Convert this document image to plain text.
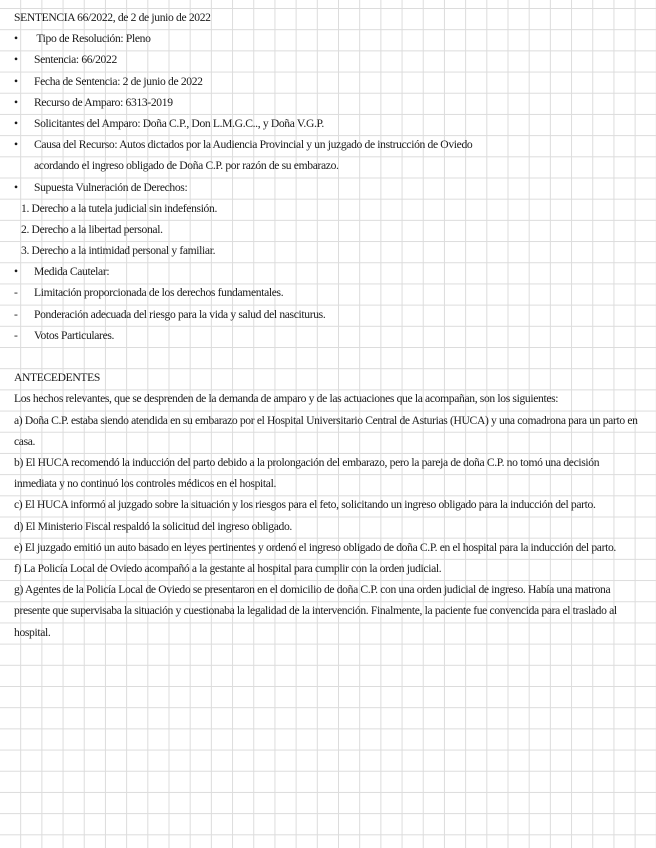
SENTENCIA 66/2022, de 2 de junio de 2022
•	Tipo de Resolución: Pleno
•	Sentencia: 66/2022
•	Fecha de Sentencia: 2 de junio de 2022
•	Recurso de Amparo: 6313-2019
•	Solicitantes del Amparo: Doña C.P., Don L.M.G.C.., y Doña V.G.P.
•	Causa del Recurso: Autos dictados por la Audiencia Provincial y un juzgado de instrucción de Oviedo
acordando el ingreso obligado de Doña C.P. por razón de su embarazo.
•	Supuesta Vulneración de Derechos:
1. Derecho a la tutela judicial sin indefensión.
2. Derecho a la libertad personal.
3. Derecho a la intimidad personal y familiar.
•	Medida Cautelar:
-	Limitación proporcionada de los derechos fundamentales.
-	Ponderación adecuada del riesgo para la vida y salud del nasciturus.
-	Votos Particulares.
ANTECEDENTES
Los hechos relevantes, que se desprenden de la demanda de amparo y de las actuaciones que la acompañan, son los siguientes:
a) Doña C.P. estaba siendo atendida en su embarazo por el Hospital Universitario Central de Asturias (HUCA) y una comadrona para un parto en casa.
b) El HUCA recomendó la inducción del parto debido a la prolongación del embarazo, pero la pareja de doña C.P. no tomó una decisión inmediata y no continuó los controles médicos en el hospital.
c) El HUCA informó al juzgado sobre la situación y los riesgos para el feto, solicitando un ingreso obligado para la inducción del parto.
d) El Ministerio Fiscal respaldó la solicitud del ingreso obligado.
e) El juzgado emitió un auto basado en leyes pertinentes y ordenó el ingreso obligado de doña C.P. en el hospital para la inducción del parto.
f) La Policía Local de Oviedo acompañó a la gestante al hospital para cumplir con la orden judicial.
g) Agentes de la Policía Local de Oviedo se presentaron en el domicilio de doña C.P. con una orden judicial de ingreso. Había una matrona presente que supervisaba la situación y cuestionaba la legalidad de la intervención. Finalmente, la paciente fue convencida para el traslado al hospital.
